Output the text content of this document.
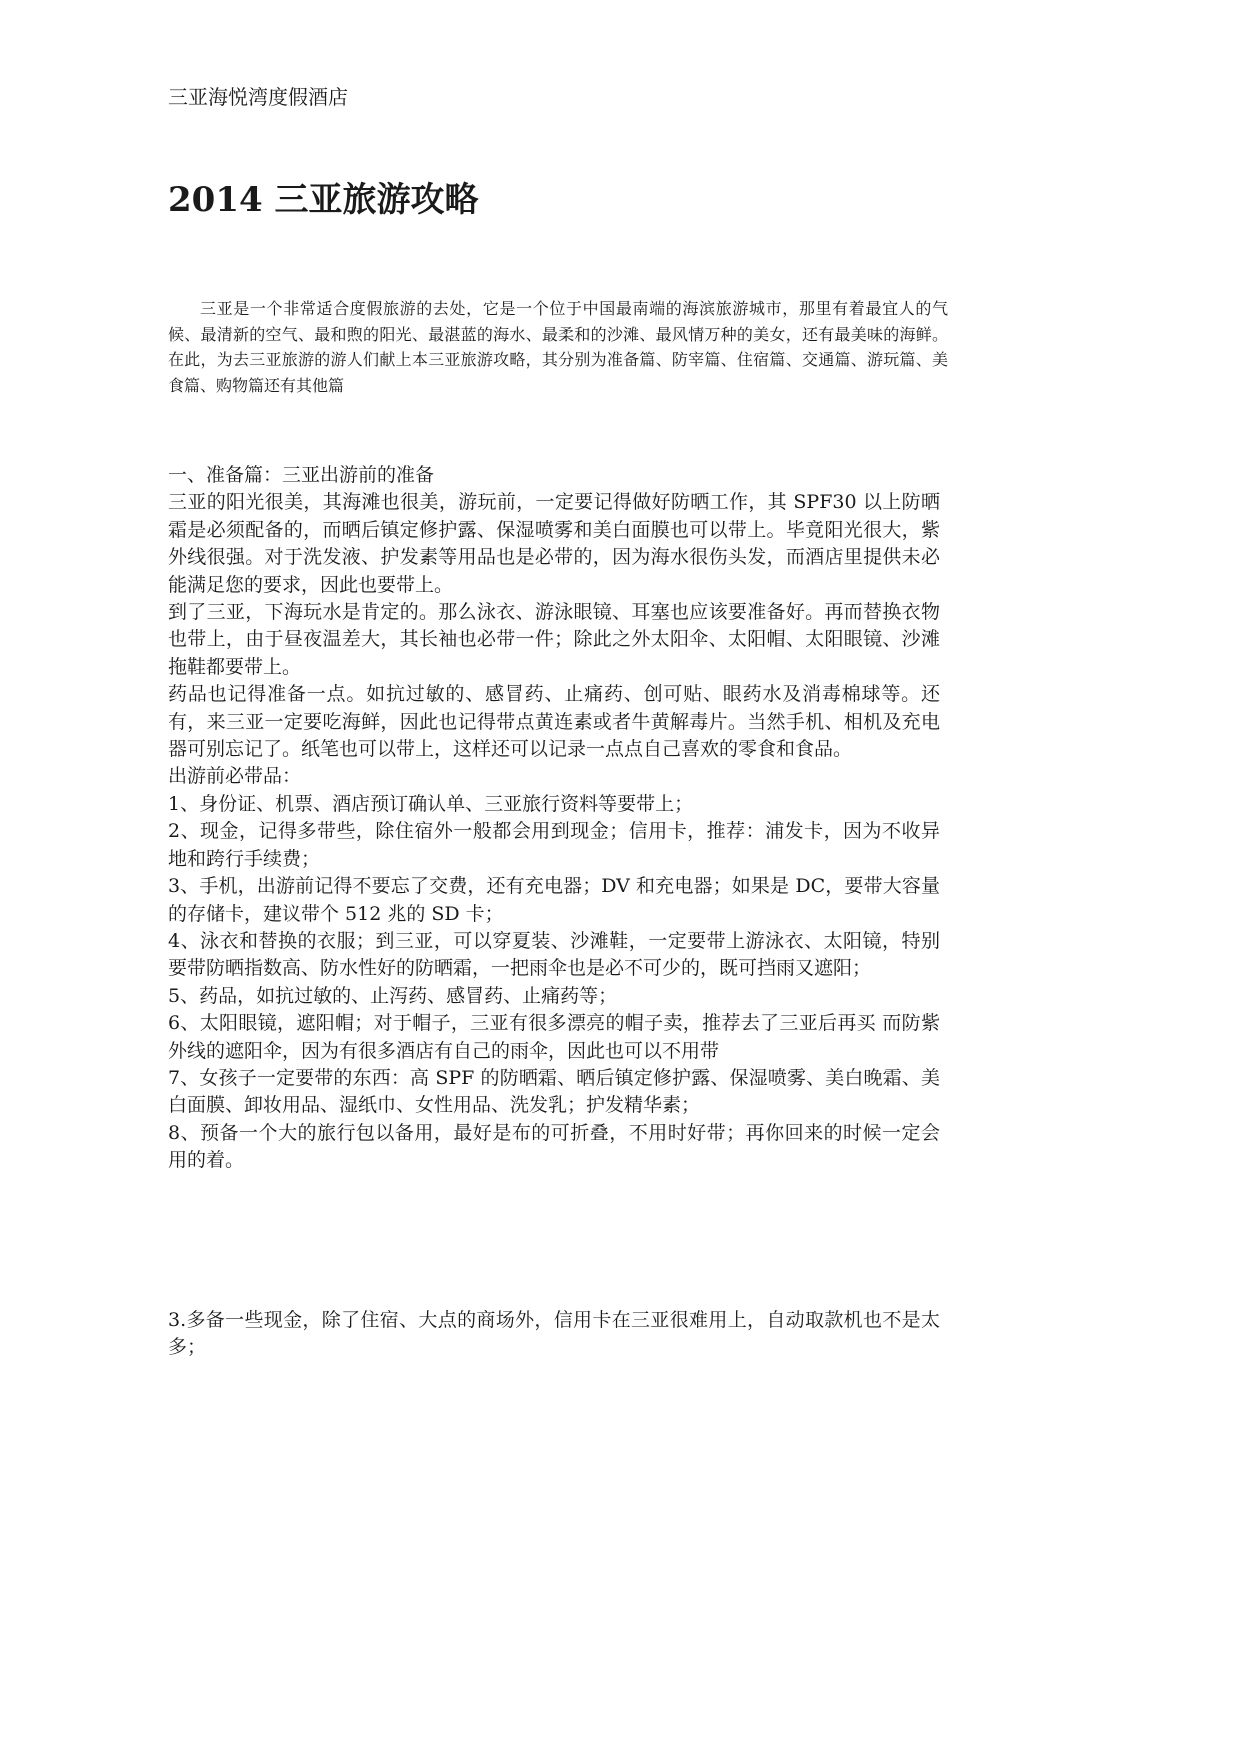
三亚海悦湾度假酒店
2014 三亚旅游攻略

三亚是一个非常适合度假旅游的去处，它是一个位于中国最南端的海滨旅游城市，那里有着最宜人的气候、最清新的空气、最和煦的阳光、最湛蓝的海水、最柔和的沙滩、最风情万种的美女，还有最美味的海鲜。在此，为去三亚旅游的游人们献上本三亚旅游攻略，其分别为准备篇、防宰篇、住宿篇、交通篇、游玩篇、美食篇、购物篇还有其他篇

一、准备篇：三亚出游前的准备

三亚的阳光很美，其海滩也很美，游玩前，一定要记得做好防晒工作，其 SPF30 以上防晒霜是必须配备的，而晒后镇定修护露、保湿喷雾和美白面膜也可以带上。毕竟阳光很大，紫外线很强。对于洗发液、护发素等用品也是必带的，因为海水很伤头发，而酒店里提供未必能满足您的要求，因此也要带上。

到了三亚，下海玩水是肯定的。那么泳衣、游泳眼镜、耳塞也应该要准备好。再而替换衣物也带上，由于昼夜温差大，其长袖也必带一件；除此之外太阳伞、太阳帽、太阳眼镜、沙滩拖鞋都要带上。

药品也记得准备一点。如抗过敏的、感冒药、止痛药、创可贴、眼药水及消毒棉球等。还有，来三亚一定要吃海鲜，因此也记得带点黄连素或者牛黄解毒片。当然手机、相机及充电器可别忘记了。纸笔也可以带上，这样还可以记录一点点自己喜欢的零食和食品。

出游前必带品：

1、身份证、机票、酒店预订确认单、三亚旅行资料等要带上；

2、现金，记得多带些，除住宿外一般都会用到现金；信用卡，推荐：浦发卡，因为不收异地和跨行手续费；

3、手机，出游前记得不要忘了交费，还有充电器；DV 和充电器；如果是 DC，要带大容量的存储卡，建议带个 512 兆的 SD 卡；

4、泳衣和替换的衣服；到三亚，可以穿夏装、沙滩鞋，一定要带上游泳衣、太阳镜，特别要带防晒指数高、防水性好的防晒霜，一把雨伞也是必不可少的，既可挡雨又遮阳；

5、药品，如抗过敏的、止泻药、感冒药、止痛药等；

6、太阳眼镜，遮阳帽；对于帽子，三亚有很多漂亮的帽子卖，推荐去了三亚后再买 而防紫外线的遮阳伞，因为有很多酒店有自己的雨伞，因此也可以不用带

7、女孩子一定要带的东西：高 SPF 的防晒霜、晒后镇定修护露、保湿喷雾、美白晚霜、美白面膜、卸妆用品、湿纸巾、女性用品、洗发乳；护发精华素；

8、预备一个大的旅行包以备用，最好是布的可折叠，不用时好带；再你回来的时候一定会用的着。

3.多备一些现金，除了住宿、大点的商场外，信用卡在三亚很难用上，自动取款机也不是太多；
